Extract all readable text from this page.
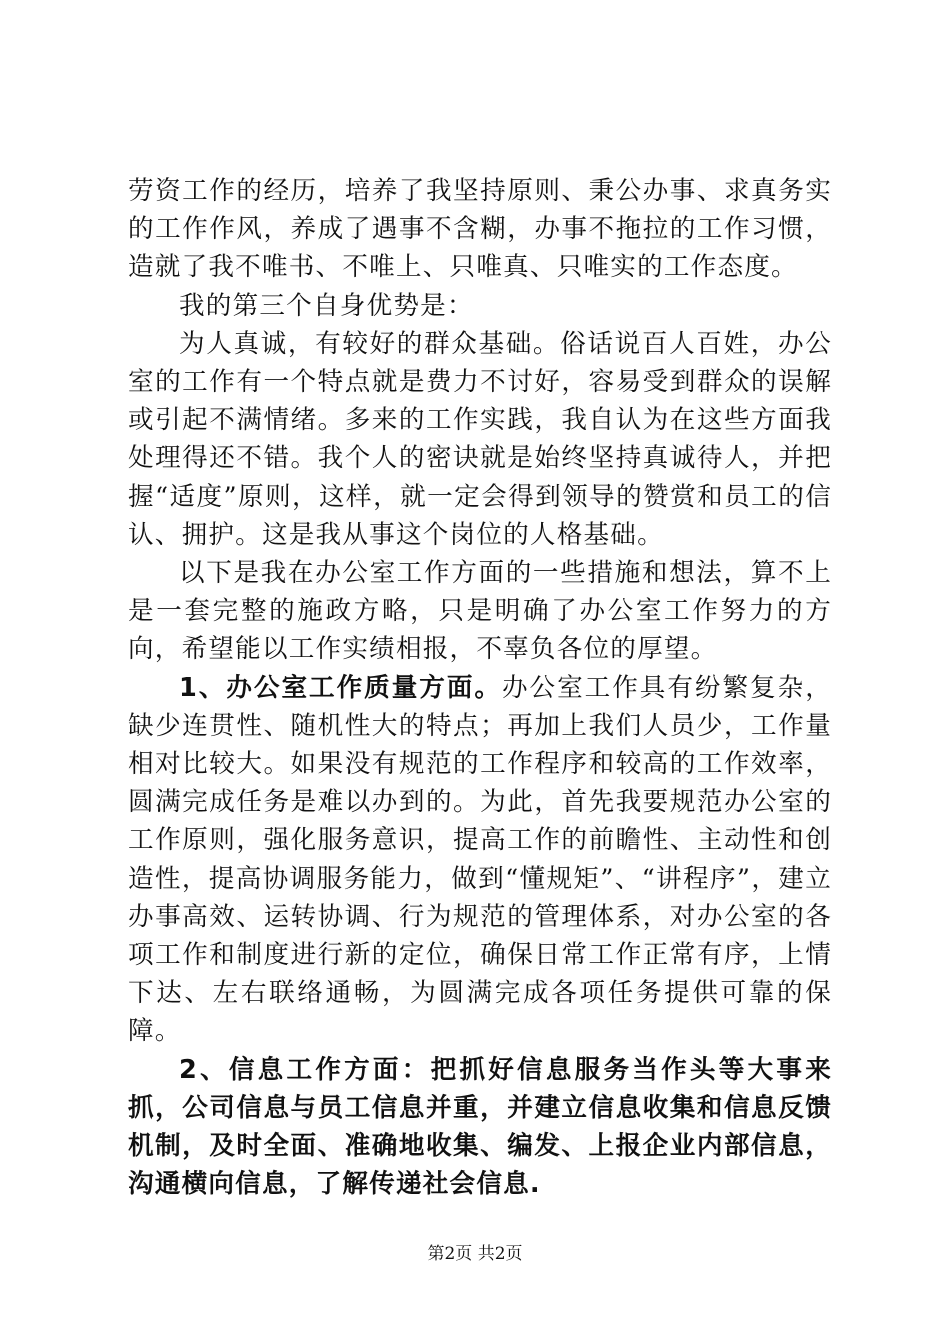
劳资工作的经历，培养了我坚持原则、秉公办事、求真务实的工作作风，养成了遇事不含糊，办事不拖拉的工作习惯，造就了我不唯书、不唯上、只唯真、只唯实的工作态度。

我的第三个自身优势是：

为人真诚，有较好的群众基础。俗话说百人百姓，办公室的工作有一个特点就是费力不讨好，容易受到群众的误解或引起不满情绪。多来的工作实践，我自认为在这些方面我处理得还不错。我个人的密诀就是始终坚持真诚待人，并把握“适度”原则，这样，就一定会得到领导的赞赏和员工的信认、拥护。这是我从事这个岗位的人格基础。

以下是我在办公室工作方面的一些措施和想法，算不上是一套完整的施政方略，只是明确了办公室工作努力的方向，希望能以工作实绩相报，不辜负各位的厚望。

1、办公室工作质量方面。办公室工作具有纷繁复杂，缺少连贯性、随机性大的特点；再加上我们人员少，工作量相对比较大。如果没有规范的工作程序和较高的工作效率，圆满完成任务是难以办到的。为此，首先我要规范办公室的工作原则，强化服务意识，提高工作的前瞻性、主动性和创造性，提高协调服务能力，做到“懂规矩”、“讲程序”，建立办事高效、运转协调、行为规范的管理体系，对办公室的各项工作和制度进行新的定位，确保日常工作正常有序，上情下达、左右联络通畅，为圆满完成各项任务提供可靠的保障。

2、信息工作方面：把抓好信息服务当作头等大事来抓，公司信息与员工信息并重，并建立信息收集和信息反馈机制，及时全面、准确地收集、编发、上报企业内部信息，沟通横向信息，了解传递社会信息.

第2页 共2页
